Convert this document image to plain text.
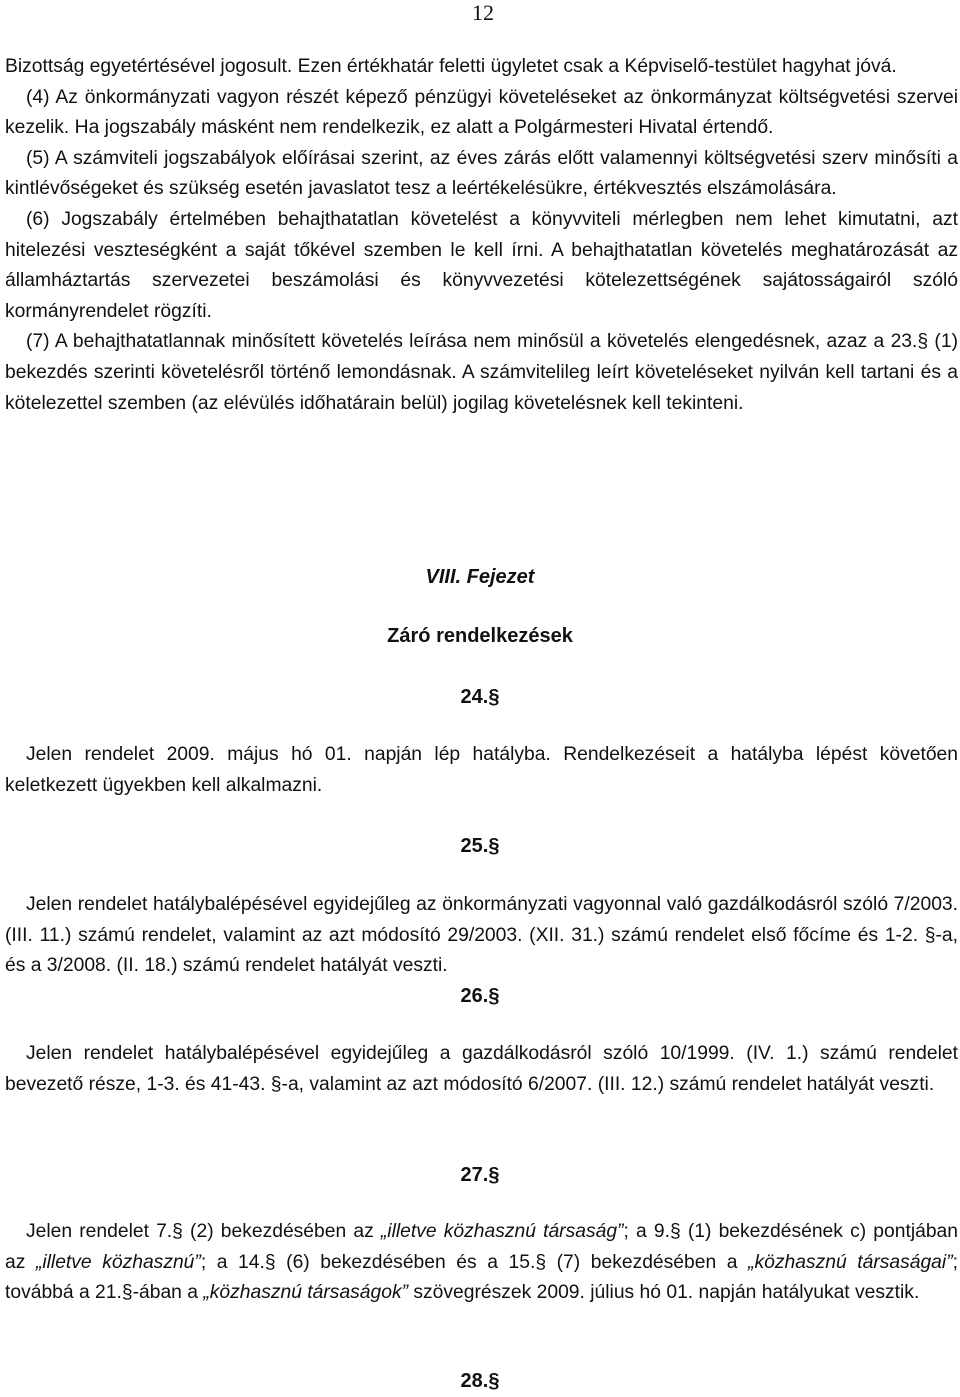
12

Bizottság egyetértésével jogosult. Ezen értékhatár feletti ügyletet csak a Képviselő-testület hagyhat jóvá.

(4) Az önkormányzati vagyon részét képező pénzügyi követeléseket az önkormányzat költségvetési szervei kezelik. Ha jogszabály másként nem rendelkezik, ez alatt a Polgármesteri Hivatal értendő.

(5) A számviteli jogszabályok előírásai szerint, az éves zárás előtt valamennyi költségvetési szerv minősíti a kintlévőségeket és szükség esetén javaslatot tesz a leértékelésükre, értékvesztés elszámolására.

(6) Jogszabály értelmében behajthatatlan követelést a könyvviteli mérlegben nem lehet kimutatni, azt hitelezési veszteségként a saját tőkével szemben le kell írni. A behajthatatlan követelés meghatározását az államháztartás szervezetei beszámolási és könyvvezetési kötelezettségének sajátosságairól szóló kormányrendelet rögzíti.

(7) A behajthatatlannak minősített követelés leírása nem minősül a követelés elengedésnek, azaz a 23.§ (1) bekezdés szerinti követelésről történő lemondásnak. A számvitelileg leírt követeléseket nyilván kell tartani és a kötelezettel szemben (az elévülés időhatárain belül) jogilag követelésnek kell tekinteni.

VIII. Fejezet
Záró rendelkezések
24.§

Jelen rendelet 2009. május hó 01. napján lép hatályba. Rendelkezéseit a hatályba lépést követően keletkezett ügyekben kell alkalmazni.

25.§

Jelen rendelet hatálybalépésével egyidejűleg az önkormányzati vagyonnal való gazdálkodásról szóló 7/2003. (III. 11.) számú rendelet, valamint az azt módosító 29/2003. (XII. 31.) számú rendelet első főcíme és 1-2. §-a, és a 3/2008. (II. 18.) számú rendelet hatályát veszti.

26.§

Jelen rendelet hatálybalépésével egyidejűleg a gazdálkodásról szóló 10/1999. (IV. 1.) számú rendelet bevezető része, 1-3. és 41-43. §-a, valamint az azt módosító 6/2007. (III. 12.) számú rendelet hatályát veszti.

27.§

Jelen rendelet 7.§ (2) bekezdésében az „illetve közhasznú társaság”; a 9.§ (1) bekezdésének c) pontjában az „illetve közhasznú”; a 14.§ (6) bekezdésében és a 15.§ (7) bekezdésében a „közhasznú társaságai”; továbbá a 21.§-ában a „közhasznú társaságok” szövegrészek 2009. július hó 01. napján hatályukat vesztik.

28.§
